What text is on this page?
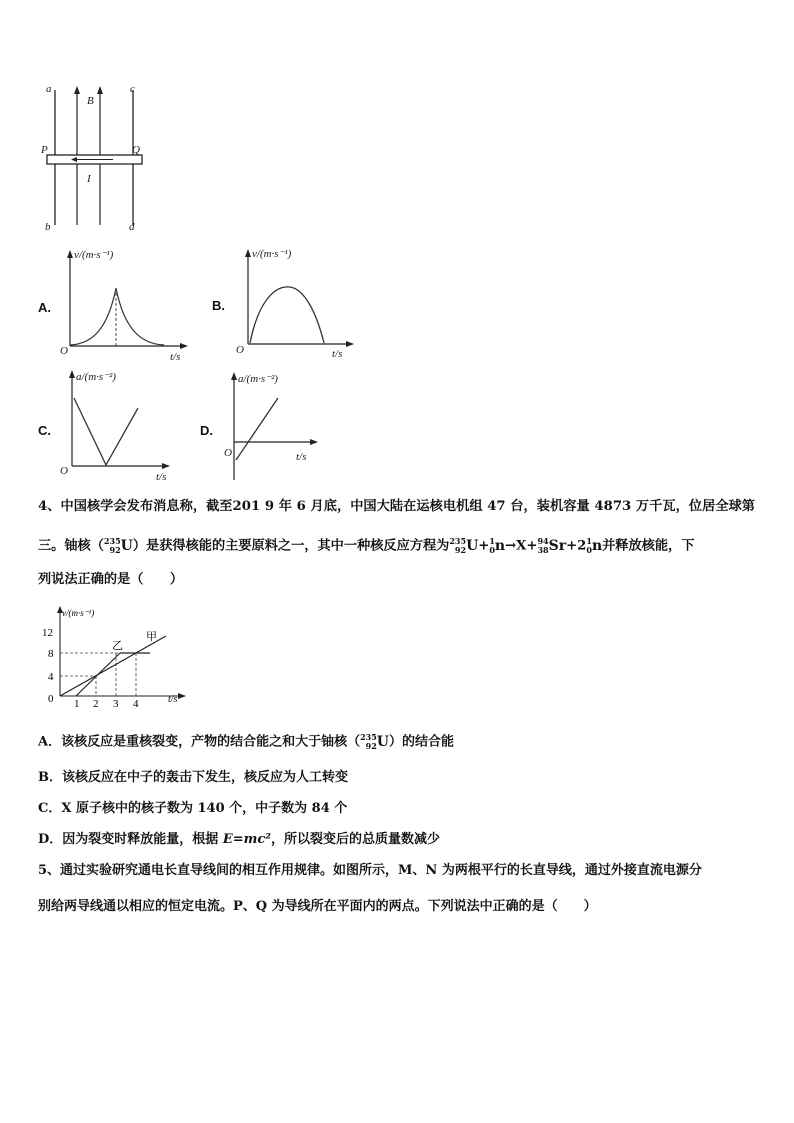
a	c
B
P	Q
I
b	d
A.
v/(m·s⁻¹)
t/s
O
B.
v/(m·s⁻¹)
t/s
O
C.
a/(m·s⁻²)
t/s
O
D.
a/(m·s⁻²)
t/s
O
4、中国核学会发布消息称，截至201 9 年 6 月底，中国大陆在运核电机组 47 台，装机容量 4873 万千瓦，位居全球第
三。铀核（235
92U）是获得核能的主要原料之一，其中一种核反应方程为235
92U+1
0n→X+94
38Sr+21
0n并释放核能，下
列说法正确的是（　　）
v/(m·s⁻¹)
12
8
4
0 1 2 3 4	t/s
乙
甲
A．该核反应是重核裂变，产物的结合能之和大于铀核（235
92U）的结合能
B．该核反应在中子的轰击下发生，核反应为人工转变
C．X 原子核中的核子数为 140 个，中子数为 84 个
D．因为裂变时释放能量，根据 E=mc²，所以裂变后的总质量数减少
5、通过实验研究通电长直导线间的相互作用规律。如图所示，M、N 为两根平行的长直导线，通过外接直流电源分
别给两导线通以相应的恒定电流。P、Q 为导线所在平面内的两点。下列说法中正确的是（　　）
